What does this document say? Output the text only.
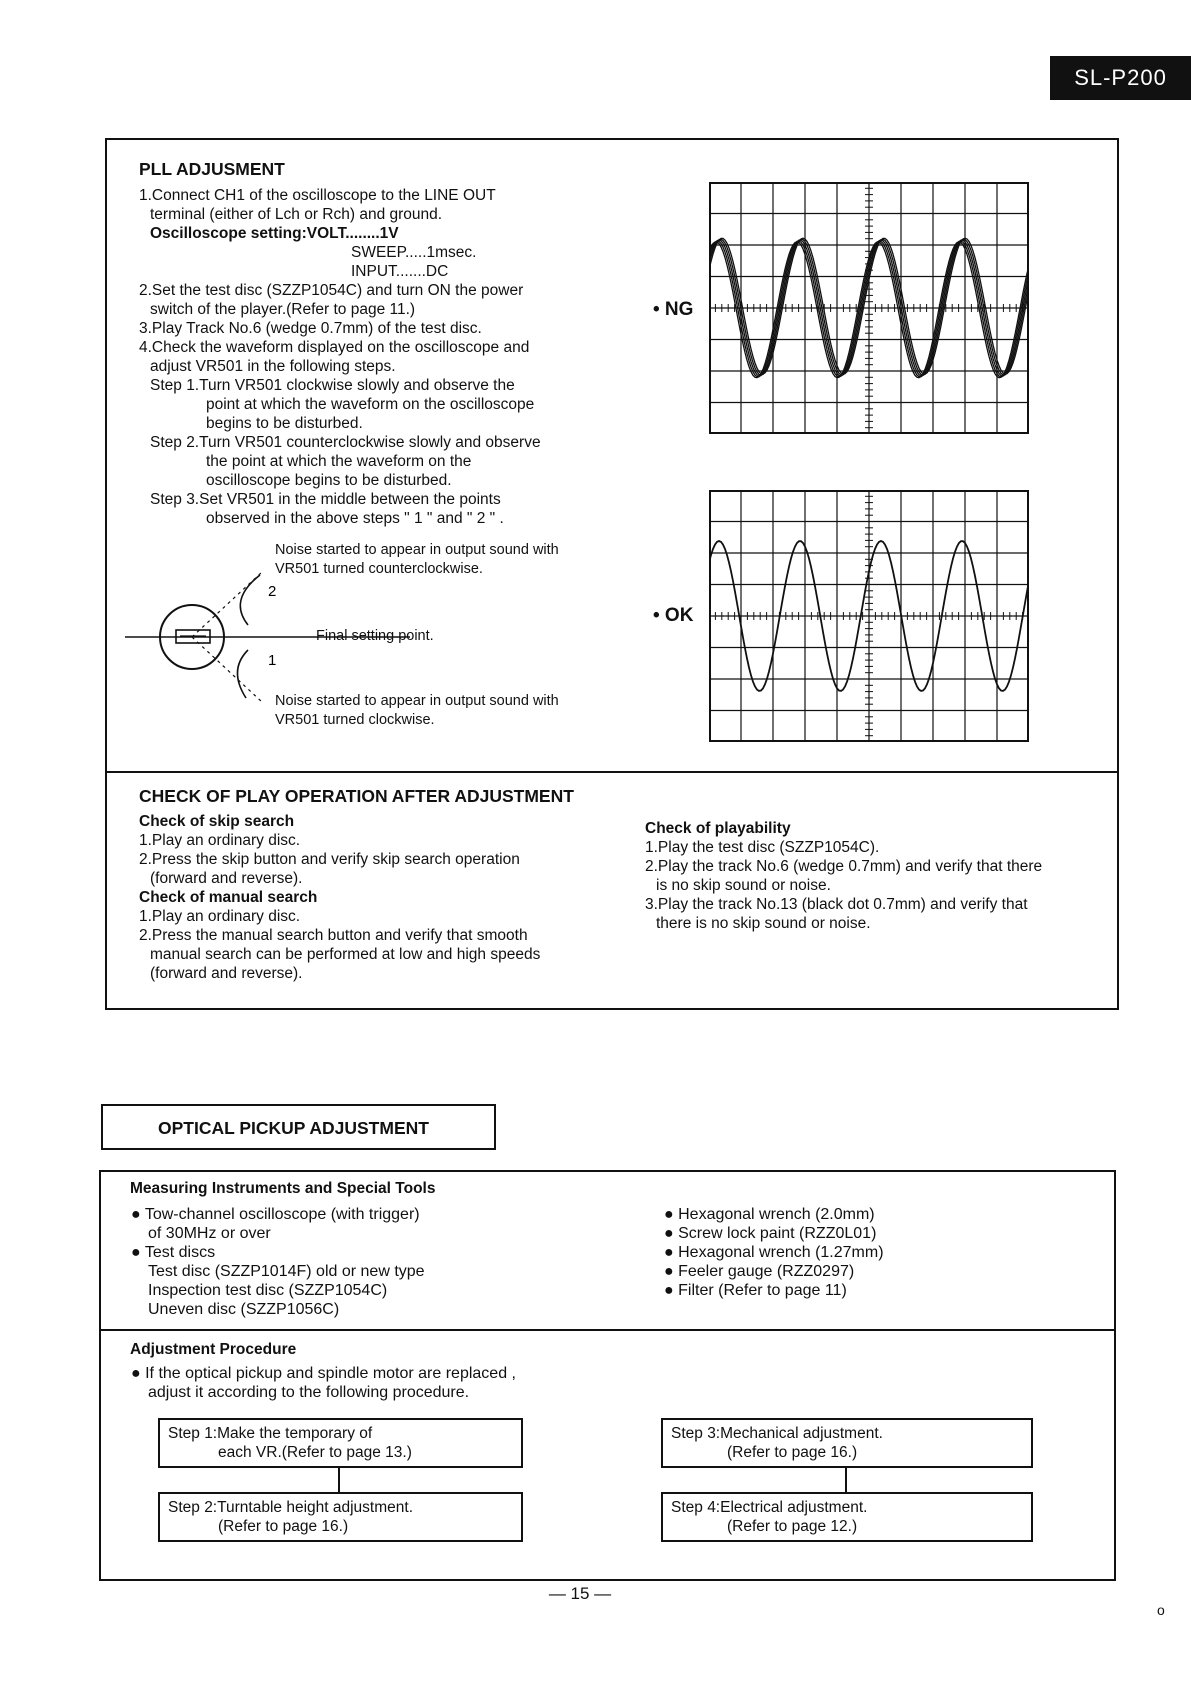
SL-P200
PLL ADJUSMENT
1.Connect CH1 of the oscilloscope to the LINE OUT
terminal (either of Lch or Rch) and ground.
Oscilloscope setting:VOLT........1V
SWEEP.....1msec.
INPUT.......DC
2.Set the test disc (SZZP1054C) and turn ON the power
switch of the player.(Refer to page 11.)
3.Play Track No.6 (wedge 0.7mm) of the test disc.
4.Check the waveform displayed on the oscilloscope and
adjust VR501 in the following steps.
Step 1.Turn VR501 clockwise slowly and observe the
point at which the waveform on the oscilloscope
begins to be disturbed.
Step 2.Turn VR501 counterclockwise slowly and observe
the point at which the waveform on the
oscilloscope begins to be disturbed.
Step 3.Set VR501 in the middle between the points
observed in the above steps " 1 " and " 2 " .
2
1
Noise started to appear in output sound with
VR501 turned counterclockwise.
Final setting point.
Noise started to appear in output sound with
VR501 turned clockwise.
• NG
• OK
CHECK OF PLAY OPERATION AFTER ADJUSTMENT
Check of skip search
1.Play an ordinary disc.
2.Press the skip button and verify skip search operation
(forward and reverse).
Check of manual search
1.Play an ordinary disc.
2.Press the manual search button and verify that smooth
manual search can be performed at low and high speeds
(forward and reverse).
Check of playability
1.Play the test disc (SZZP1054C).
2.Play the track No.6 (wedge 0.7mm) and verify that there
is no skip sound or noise.
3.Play the track No.13 (black dot 0.7mm) and verify that
there is no skip sound or noise.
OPTICAL PICKUP ADJUSTMENT
Measuring Instruments and Special Tools
● Tow-channel oscilloscope (with trigger)
of 30MHz or over
● Test discs
Test disc (SZZP1014F) old or new type
Inspection test disc (SZZP1054C)
Uneven disc (SZZP1056C)
● Hexagonal wrench (2.0mm)
● Screw lock paint (RZZ0L01)
● Hexagonal wrench (1.27mm)
● Feeler gauge (RZZ0297)
● Filter (Refer to page 11)
Adjustment Procedure
● If the optical pickup and spindle motor are replaced ,
adjust it according to the following procedure.
Step 1:Make the temporary of
each VR.(Refer to page 13.)
Step 2:Turntable height adjustment.
(Refer to page 16.)
Step 3:Mechanical adjustment.
(Refer to page 16.)
Step 4:Electrical adjustment.
(Refer to page 12.)
— 15 —
o
